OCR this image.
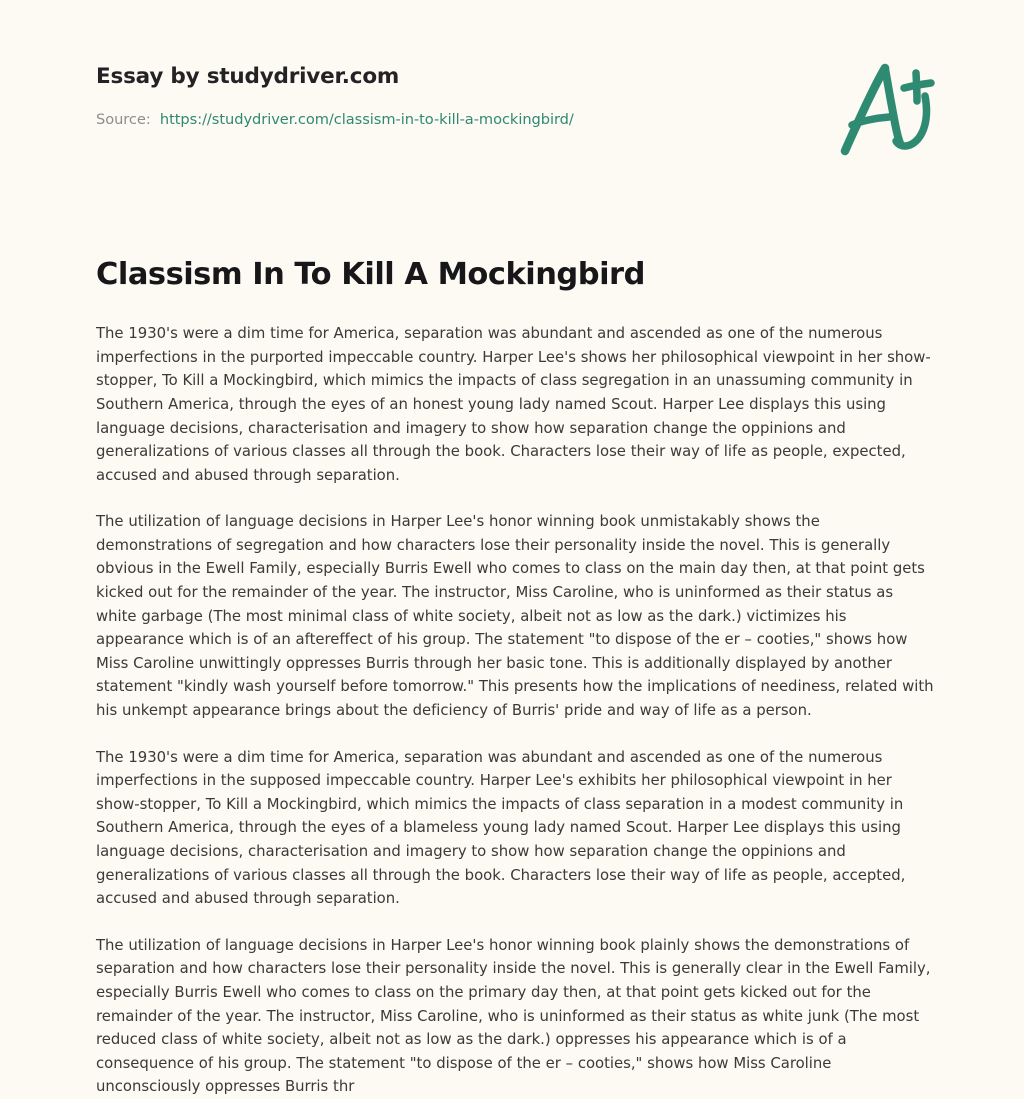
Essay by studydriver.com
Source: https://studydriver.com/classism-in-to-kill-a-mockingbird/
Classism In To Kill A Mockingbird

The 1930's were a dim time for America, separation was abundant and ascended as one of the numerous imperfections in the purported impeccable country. Harper Lee's shows her philosophical viewpoint in her show-stopper, To Kill a Mockingbird, which mimics the impacts of class segregation in an unassuming community in Southern America, through the eyes of an honest young lady named Scout. Harper Lee displays this using language decisions, characterisation and imagery to show how separation change the oppinions and generalizations of various classes all through the book. Characters lose their way of life as people, expected, accused and abused through separation.

The utilization of language decisions in Harper Lee's honor winning book unmistakably shows the demonstrations of segregation and how characters lose their personality inside the novel. This is generally obvious in the Ewell Family, especially Burris Ewell who comes to class on the main day then, at that point gets kicked out for the remainder of the year. The instructor, Miss Caroline, who is uninformed as their status as white garbage (The most minimal class of white society, albeit not as low as the dark.) victimizes his appearance which is of an aftereffect of his group. The statement "to dispose of the er – cooties," shows how Miss Caroline unwittingly oppresses Burris through her basic tone. This is additionally displayed by another statement "kindly wash yourself before tomorrow." This presents how the implications of neediness, related with his unkempt appearance brings about the deficiency of Burris' pride and way of life as a person.

The 1930's were a dim time for America, separation was abundant and ascended as one of the numerous imperfections in the supposed impeccable country. Harper Lee's exhibits her philosophical viewpoint in her show-stopper, To Kill a Mockingbird, which mimics the impacts of class separation in a modest community in Southern America, through the eyes of a blameless young lady named Scout. Harper Lee displays this using language decisions, characterisation and imagery to show how separation change the oppinions and generalizations of various classes all through the book. Characters lose their way of life as people, accepted, accused and abused through separation.

The utilization of language decisions in Harper Lee's honor winning book plainly shows the demonstrations of separation and how characters lose their personality inside the novel. This is generally clear in the Ewell Family, especially Burris Ewell who comes to class on the primary day then, at that point gets kicked out for the remainder of the year. The instructor, Miss Caroline, who is uninformed as their status as white junk (The most reduced class of white society, albeit not as low as the dark.) oppresses his appearance which is of a consequence of his group. The statement "to dispose of the er – cooties," shows how Miss Caroline unconsciously oppresses Burris thr
